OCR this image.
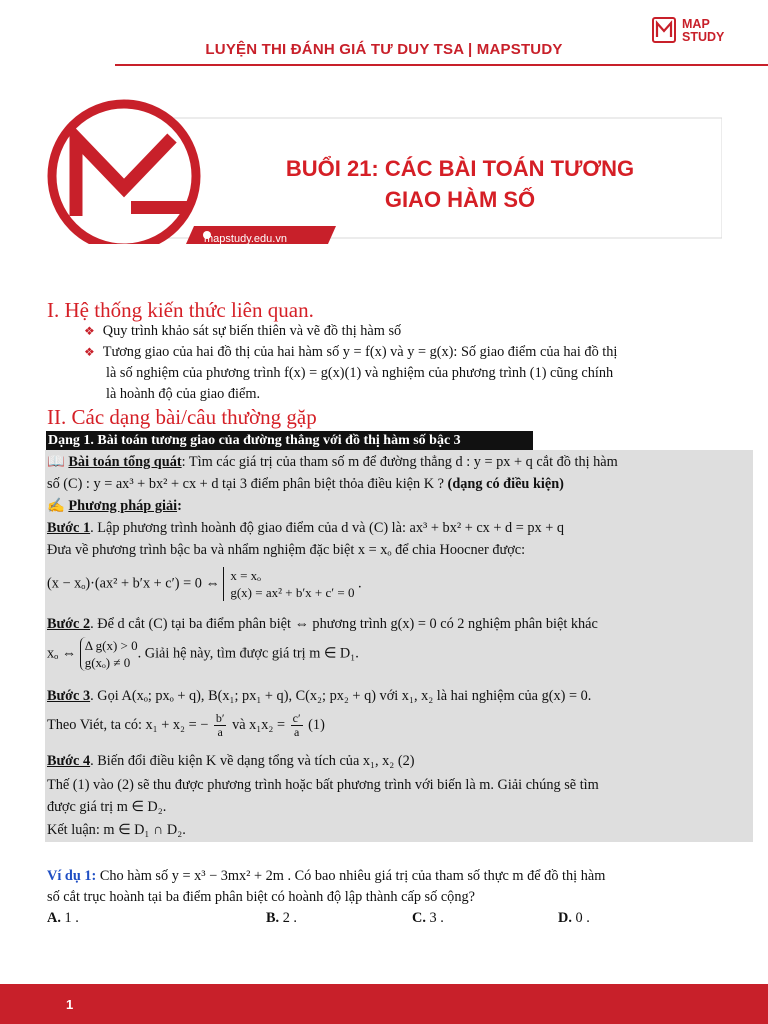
LUYỆN THI ĐÁNH GIÁ TƯ DUY TSA | MAPSTUDY
MAP
STUDY
mapstudy.edu.vn
BUỔI 21: CÁC BÀI TOÁN TƯƠNG
GIAO HÀM SỐ
I. Hệ thống kiến thức liên quan.
❖ Quy trình khảo sát sự biến thiên và vẽ đồ thị hàm số
❖ Tương giao của hai đồ thị của hai hàm số y = f(x) và y = g(x): Số giao điểm của hai đồ thị
là số nghiệm của phương trình f(x) = g(x)(1) và nghiệm của phương trình (1) cũng chính
là hoành độ của giao điểm.
II. Các dạng bài/câu thường gặp
Dạng 1. Bài toán tương giao của đường thẳng với đồ thị hàm số bậc 3
📖 Bài toán tổng quát: Tìm các giá trị của tham số m để đường thẳng d : y = px + q cắt đồ thị hàm
số (C) : y = ax³ + bx² + cx + d tại 3 điểm phân biệt thỏa điều kiện K ? (dạng có điều kiện)
✍ Phương pháp giải:
Bước 1. Lập phương trình hoành độ giao điểm của d và (C) là: ax³ + bx² + cx + d = px + q
Đưa về phương trình bậc ba và nhẩm nghiệm đặc biệt x = xₒ để chia Hoocner được:
(x − xₒ)·(ax² + b′x + c′) = 0 ⇔ x = xₒ
g(x) = ax² + b′x + c′ = 0
.
Bước 2. Để d cắt (C) tại ba điểm phân biệt ⇔ phương trình g(x) = 0 có 2 nghiệm phân biệt khác
xₒ ⇔ Δ g(x) > 0
g(xₒ) ≠ 0
. Giải hệ này, tìm được giá trị m ∈ D₁.
Bước 3. Gọi A(xₒ; pxₒ + q), B(x₁; px₁ + q), C(x₂; px₂ + q) với x₁, x₂ là hai nghiệm của g(x) = 0.
Theo Viét, ta có: x₁ + x₂ = − $\frac{b'}{a}$ và $x_1x_2 = \frac{c'}{a} (1)$
Bước 4. Biến đổi điều kiện K về dạng tổng và tích của x₁, x₂ (2)
Thế (1) vào (2) sẽ thu được phương trình hoặc bất phương trình với biến là m. Giải chúng sẽ tìm
được giá trị m ∈ D₂.
Kết luận: m ∈ D₁ ∩ D₂.
Ví dụ 1: Cho hàm số y = x³ − 3mx² + 2m . Có bao nhiêu giá trị của tham số thực m để đồ thị hàm
số cắt trục hoành tại ba điểm phân biệt có hoành độ lập thành cấp số cộng?
A. 1 .	B. 2 .	C. 3 .	D. 0 .
1
